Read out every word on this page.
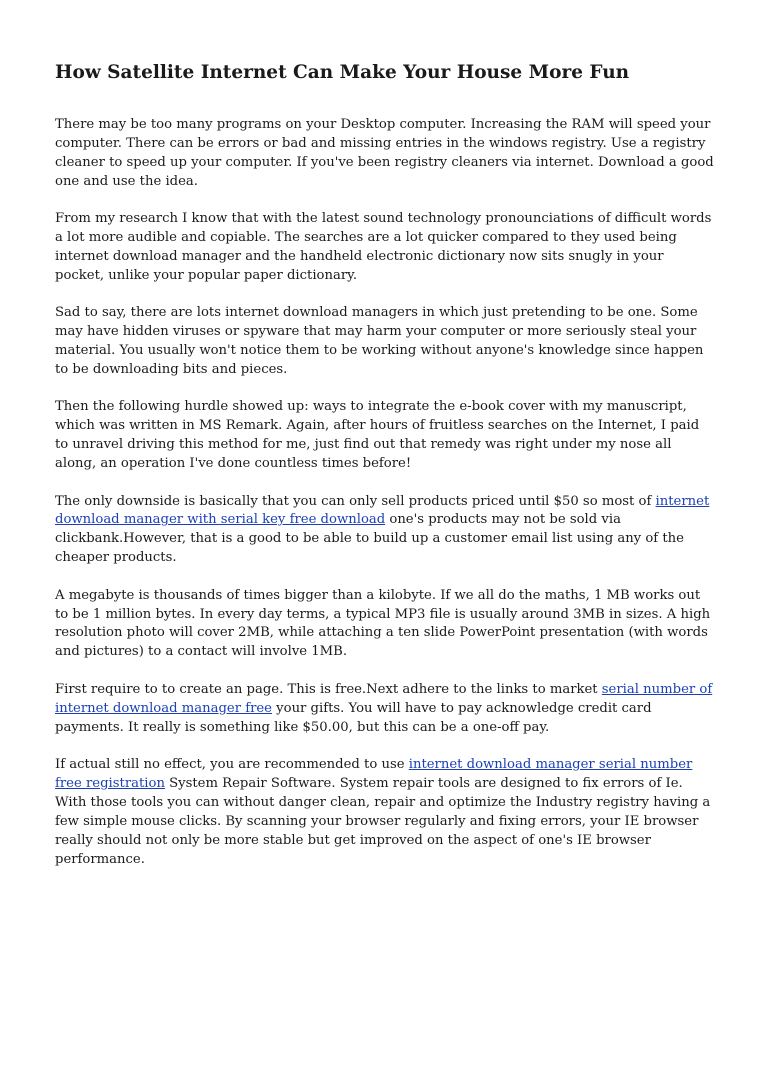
How Satellite Internet Can Make Your House More Fun

There may be too many programs on your Desktop computer. Increasing the RAM will speed your computer. There can be errors or bad and missing entries in the windows registry. Use a registry cleaner to speed up your computer. If you've been registry cleaners via internet. Download a good one and use the idea.

From my research I know that with the latest sound technology pronounciations of difficult words a lot more audible and copiable. The searches are a lot quicker compared to they used being internet download manager and the handheld electronic dictionary now sits snugly in your pocket, unlike your popular paper dictionary.

Sad to say, there are lots internet download managers in which just pretending to be one. Some may have hidden viruses or spyware that may harm your computer or more seriously steal your material. You usually won't notice them to be working without anyone's knowledge since happen to be downloading bits and pieces.

Then the following hurdle showed up: ways to integrate the e-book cover with my manuscript, which was written in MS Remark. Again, after hours of fruitless searches on the Internet, I paid to unravel driving this method for me, just find out that remedy was right under my nose all along, an operation I've done countless times before!

The only downside is basically that you can only sell products priced until $50 so most of internet download manager with serial key free download one's products may not be sold via clickbank.However, that is a good to be able to build up a customer email list using any of the cheaper products.

A megabyte is thousands of times bigger than a kilobyte. If we all do the maths, 1 MB works out to be 1 million bytes. In every day terms, a typical MP3 file is usually around 3MB in sizes. A high resolution photo will cover 2MB, while attaching a ten slide PowerPoint presentation (with words and pictures) to a contact will involve 1MB.

First require to to create an page. This is free.Next adhere to the links to market serial number of internet download manager free your gifts. You will have to pay acknowledge credit card payments. It really is something like $50.00, but this can be a one-off pay.

If actual still no effect, you are recommended to use internet download manager serial number free registration System Repair Software. System repair tools are designed to fix errors of Ie. With those tools you can without danger clean, repair and optimize the Industry registry having a few simple mouse clicks. By scanning your browser regularly and fixing errors, your IE browser really should not only be more stable but get improved on the aspect of one's IE browser performance.
